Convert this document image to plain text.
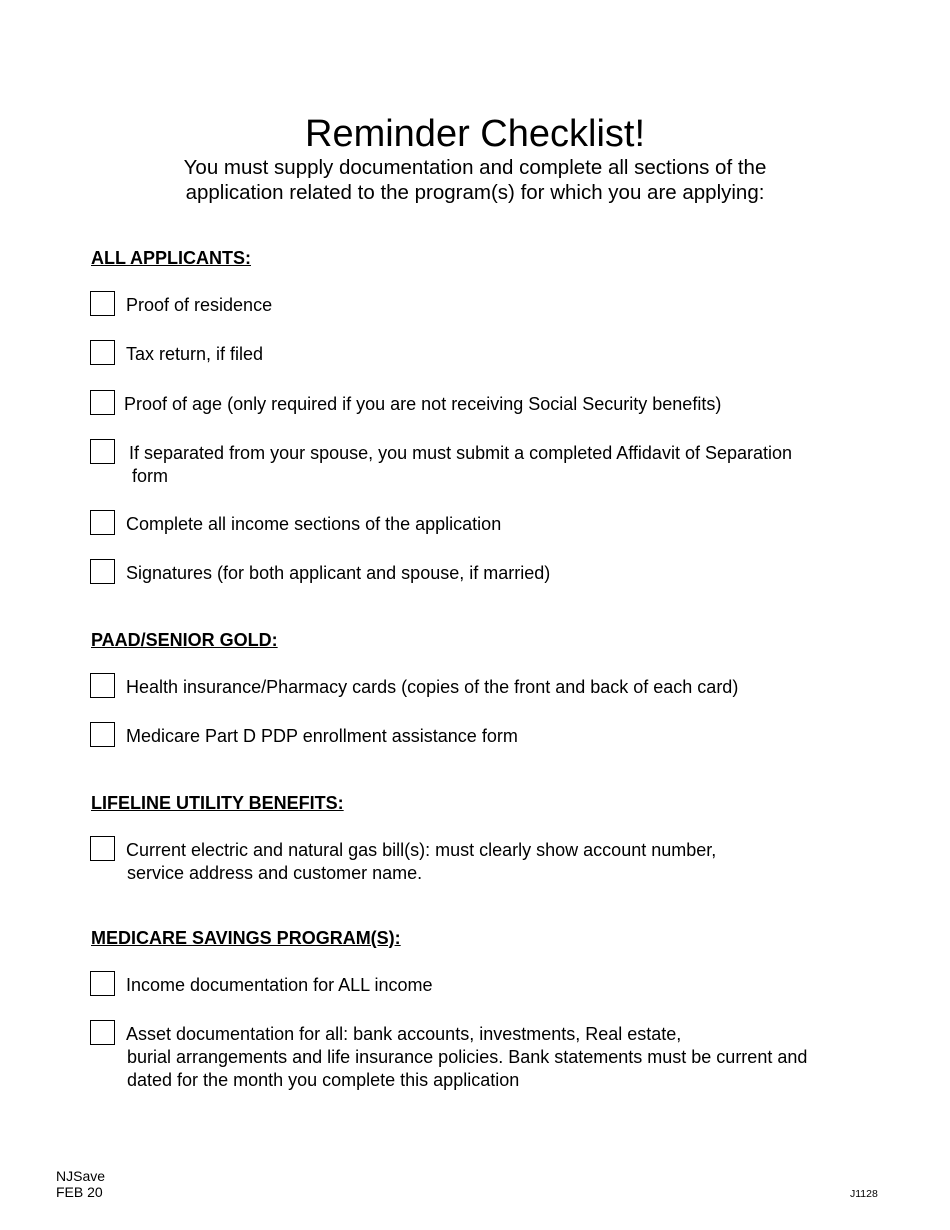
Reminder Checklist!
You must supply documentation and complete all sections of the
application related to the program(s) for which you are applying:
ALL APPLICANTS:
Proof of residence
Tax return, if filed
Proof of age (only required if you are not receiving Social Security benefits)
If separated from your spouse, you must submit a completed Affidavit of Separation
form
Complete all income sections of the application
Signatures (for both applicant and spouse, if married)
PAAD/SENIOR GOLD:
Health insurance/Pharmacy cards (copies of the front and back of each card)
Medicare Part D PDP enrollment assistance form
LIFELINE UTILITY BENEFITS:
Current electric and natural gas bill(s): must clearly show account number,
service address and customer name.
MEDICARE SAVINGS PROGRAM(S):
Income documentation for ALL income
Asset documentation for all: bank accounts, investments, Real estate,
burial arrangements and life insurance policies. Bank statements must be current and
dated for the month you complete this application
NJSave
FEB 20	J1128
